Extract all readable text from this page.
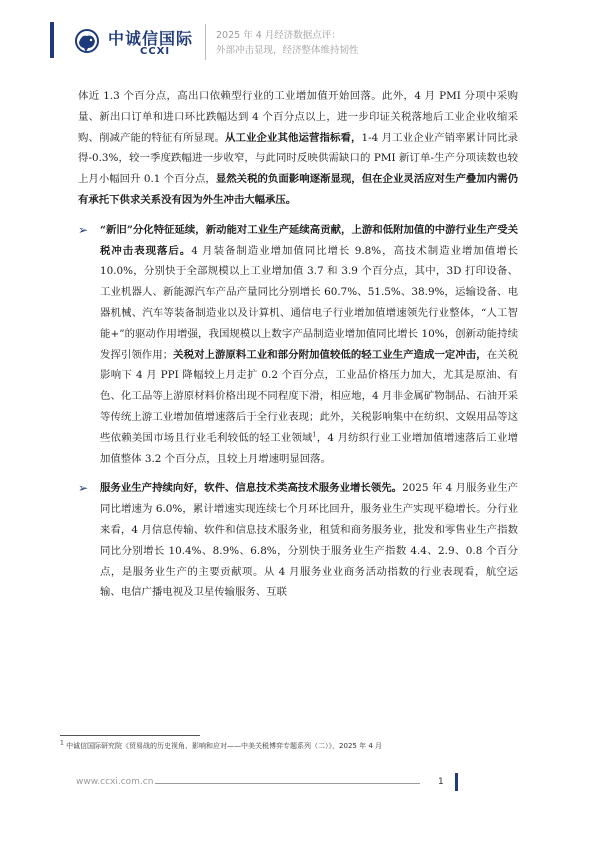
中诚信国际
CCXI
2025 年 4 月经济数据点评：
外部冲击显现，经济整体维持韧性

体近 1.3 个百分点，高出口依赖型行业的工业增加值开始回落。此外，4 月 PMI 分项中采购量、新出口订单和进口环比跌幅达到 4 个百分点以上，进一步印证关税落地后工业企业收缩采购、削减产能的特征有所显现。从工业企业其他运营指标看，1-4 月工业企业产销率累计同比录得-0.3%，较一季度跌幅进一步收窄，与此同时反映供需缺口的 PMI 新订单-生产分项读数也较上月小幅回升 0.1 个百分点，显然关税的负面影响逐渐显现，但在企业灵活应对生产叠加内需仍有承托下供求关系没有因为外生冲击大幅承压。

➢ “新旧”分化特征延续，新动能对工业生产延续高贡献，上游和低附加值的中游行业生产受关税冲击表现落后。4 月装备制造业增加值同比增长 9.8%，高技术制造业增加值增长 10.0%，分别快于全部规模以上工业增加值 3.7 和 3.9 个百分点，其中，3D 打印设备、工业机器人、新能源汽车产品产量同比分别增长 60.7%、51.5%、38.9%，运输设备、电器机械、汽车等装备制造业以及计算机、通信电子行业增加值增速领先行业整体，“人工智能+”的驱动作用增强，我国规模以上数字产品制造业增加值同比增长 10%，创新动能持续发挥引领作用；关税对上游原料工业和部分附加值较低的轻工业生产造成一定冲击，在关税影响下 4 月 PPI 降幅较上月走扩 0.2 个百分点，工业品价格压力加大，尤其是原油、有色、化工品等上游原材料价格出现不同程度下滑，相应地，4 月非金属矿物制品、石油开采等传统上游工业增加值增速落后于全行业表现；此外，关税影响集中在纺织、文娱用品等这些依赖美国市场且行业毛利较低的轻工业领域$^1$，4 月纺织行业工业增加值增速落后工业增加值整体 3.2 个百分点，且较上月增速明显回落。
➢ 服务业生产持续向好，软件、信息技术类高技术服务业增长领先。2025 年 4 月服务业生产同比增速为 6.0%，累计增速实现连续七个月环比回升，服务业生产实现平稳增长。分行业来看，4 月信息传输、软件和信息技术服务业，租赁和商务服务业，批发和零售业生产指数同比分别增长 10.4%、8.9%、6.8%，分别快于服务业生产指数 4.4、2.9、0.8 个百分点，是服务业生产的主要贡献项。从 4 月服务业业商务活动指数的行业表现看，航空运输、电信广播电视及卫星传输服务、互联
$^1$ 中诚信国际研究院《贸易战的历史视角、影响和应对——中美关税博弈专题系列（二）》，2025 年 4 月
www.ccxi.com.cn	1
